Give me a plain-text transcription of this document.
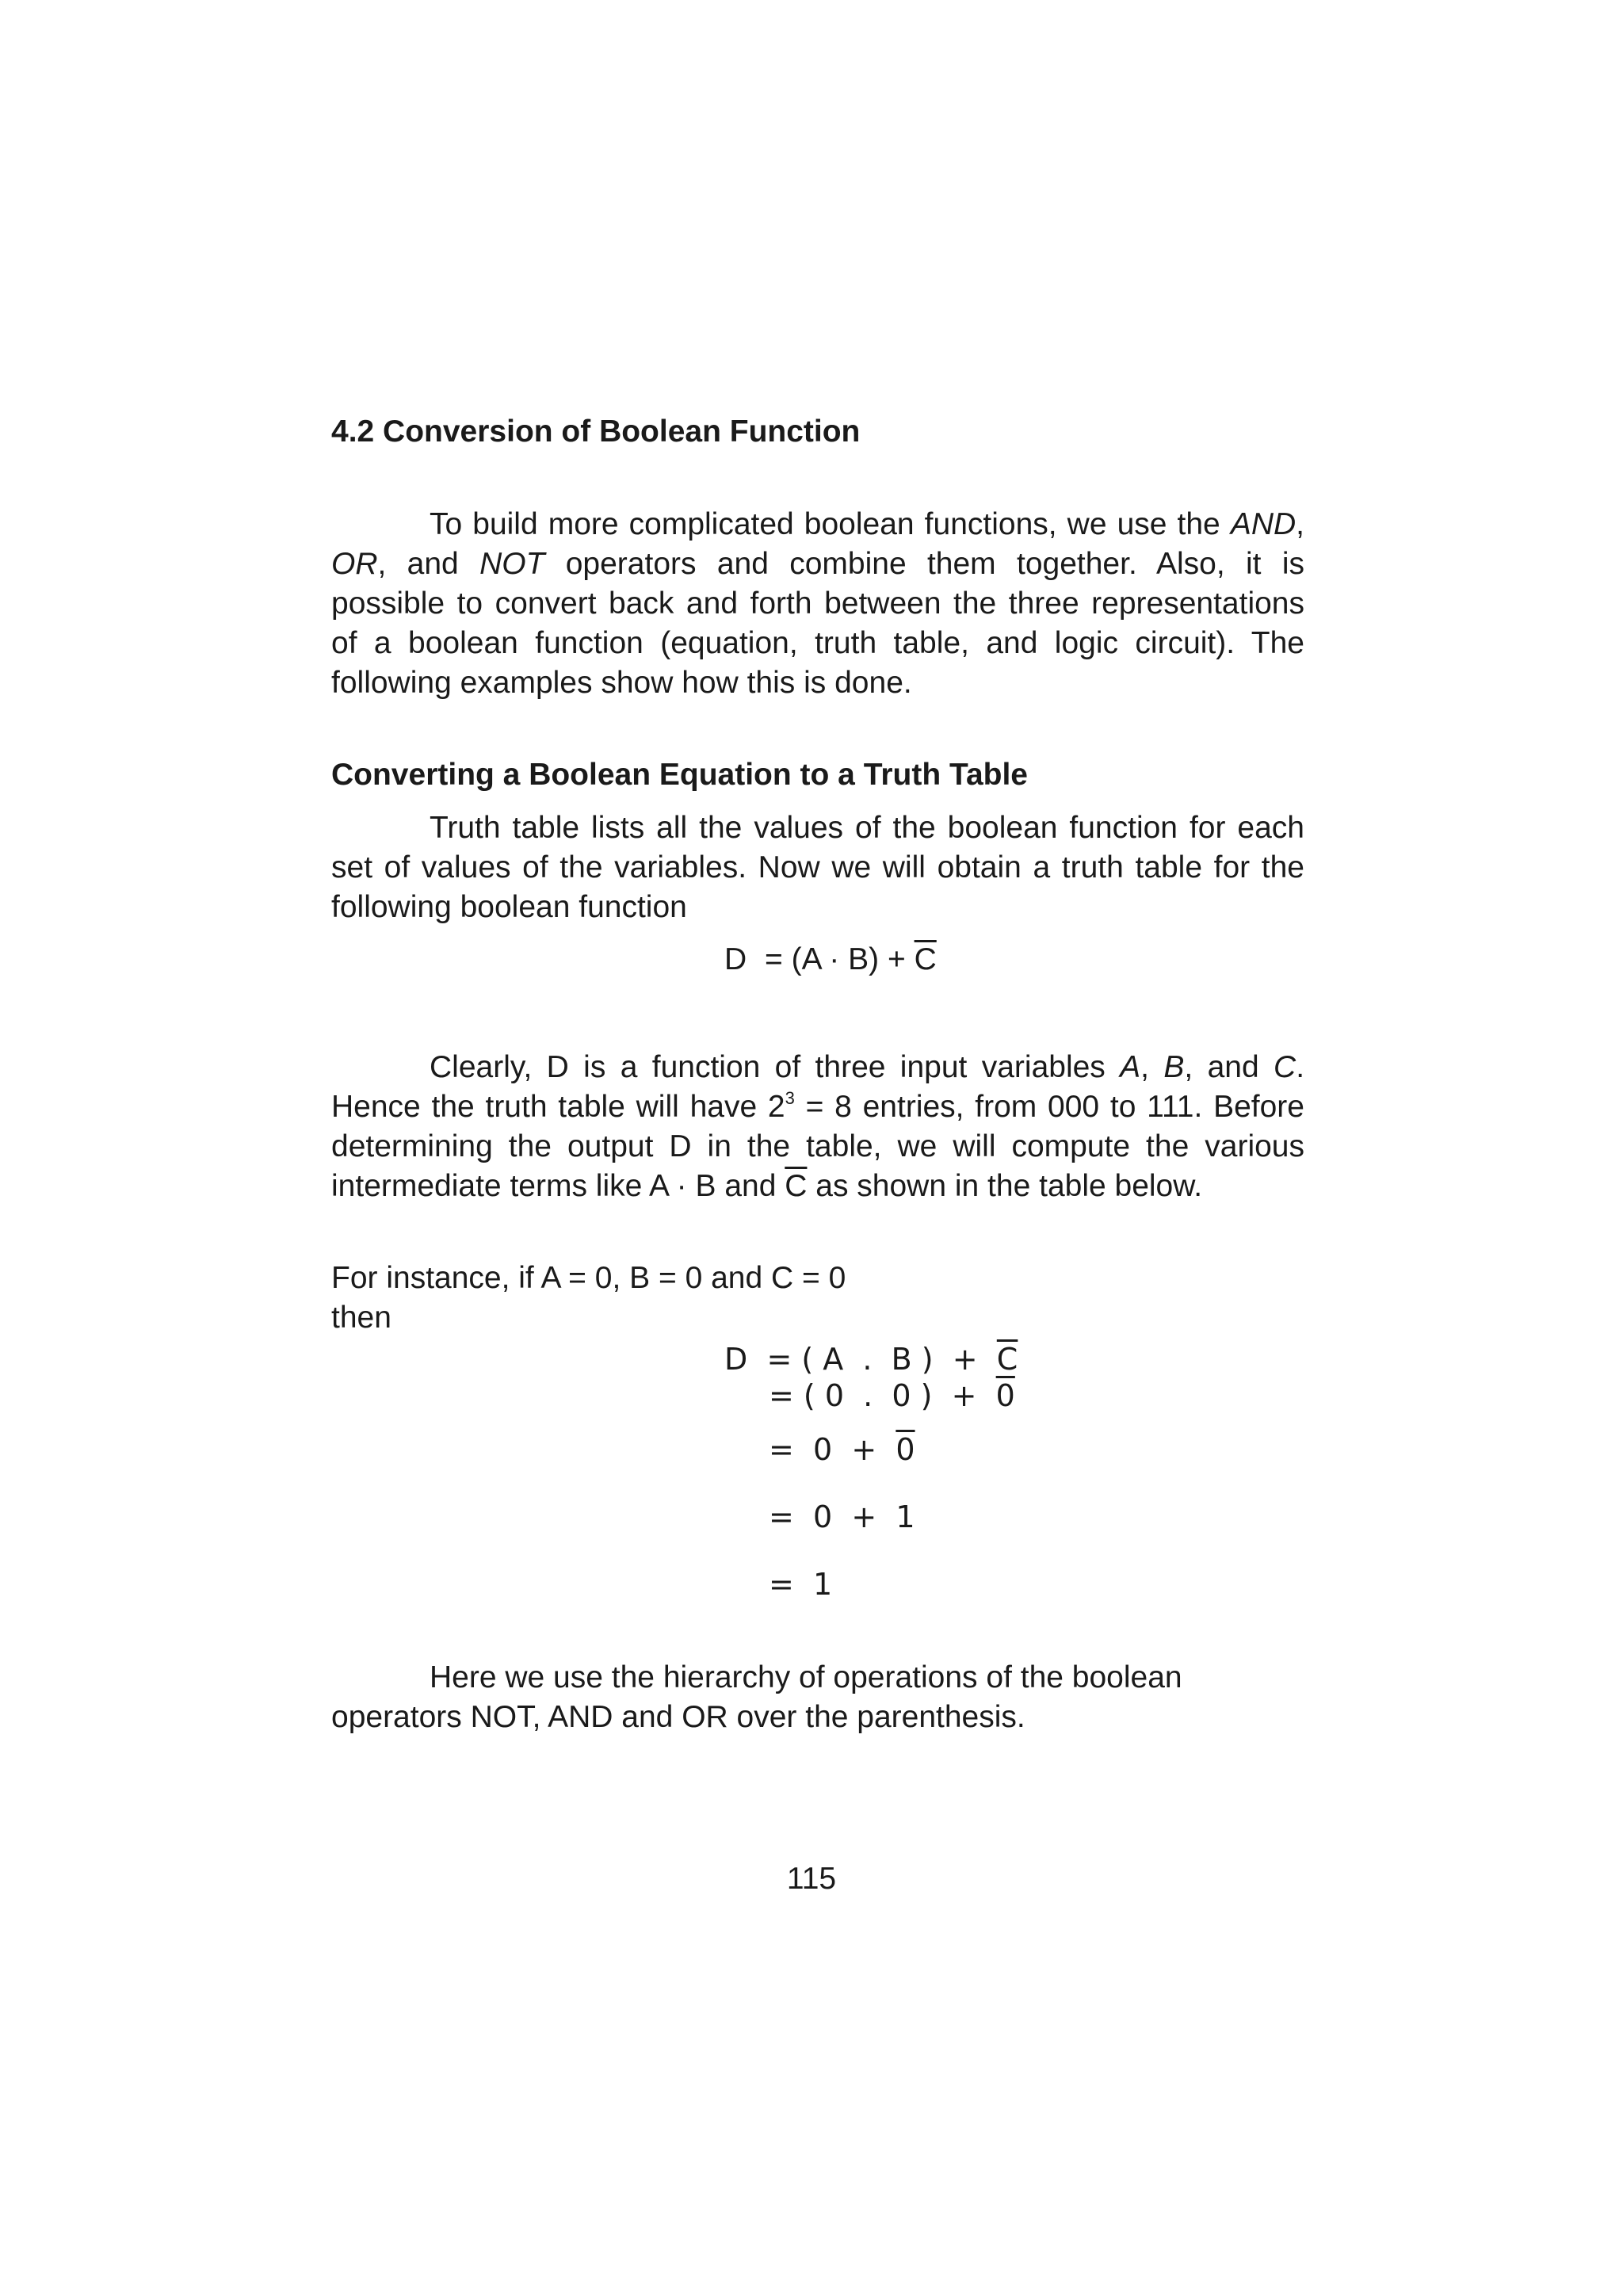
4.2 Conversion of Boolean Function
To build more complicated boolean functions, we use the AND,
OR, and NOT operators and combine them together. Also, it is
possible to convert back and forth between the three representations
of a boolean function (equation, truth table, and logic circuit). The
following examples show how this is done.
Converting a Boolean Equation to a Truth Table
Truth table lists all the values of the boolean function for each
set of values of the variables. Now we will obtain a truth table for the
following boolean function
$D = (A \cdot B) + \overline{C}$
Clearly, D is a function of three input variables A, B, and C.
Hence the truth table will have $2^3 = 8$ entries, from 000 to 111. Before
determining the output D in the table, we will compute the various
intermediate terms like A · B and $\overline{C}$ as shown in the table below.
For instance, if A = 0, B = 0 and C = 0
then
D = ( A  .  B )  + $\overline{C}$
= ( 0  .  0 )  + 0
=  0  + 0
=  0  +  1
=  1
Here we use the hierarchy of operations of the boolean
operators NOT, AND and OR over the parenthesis.
115
